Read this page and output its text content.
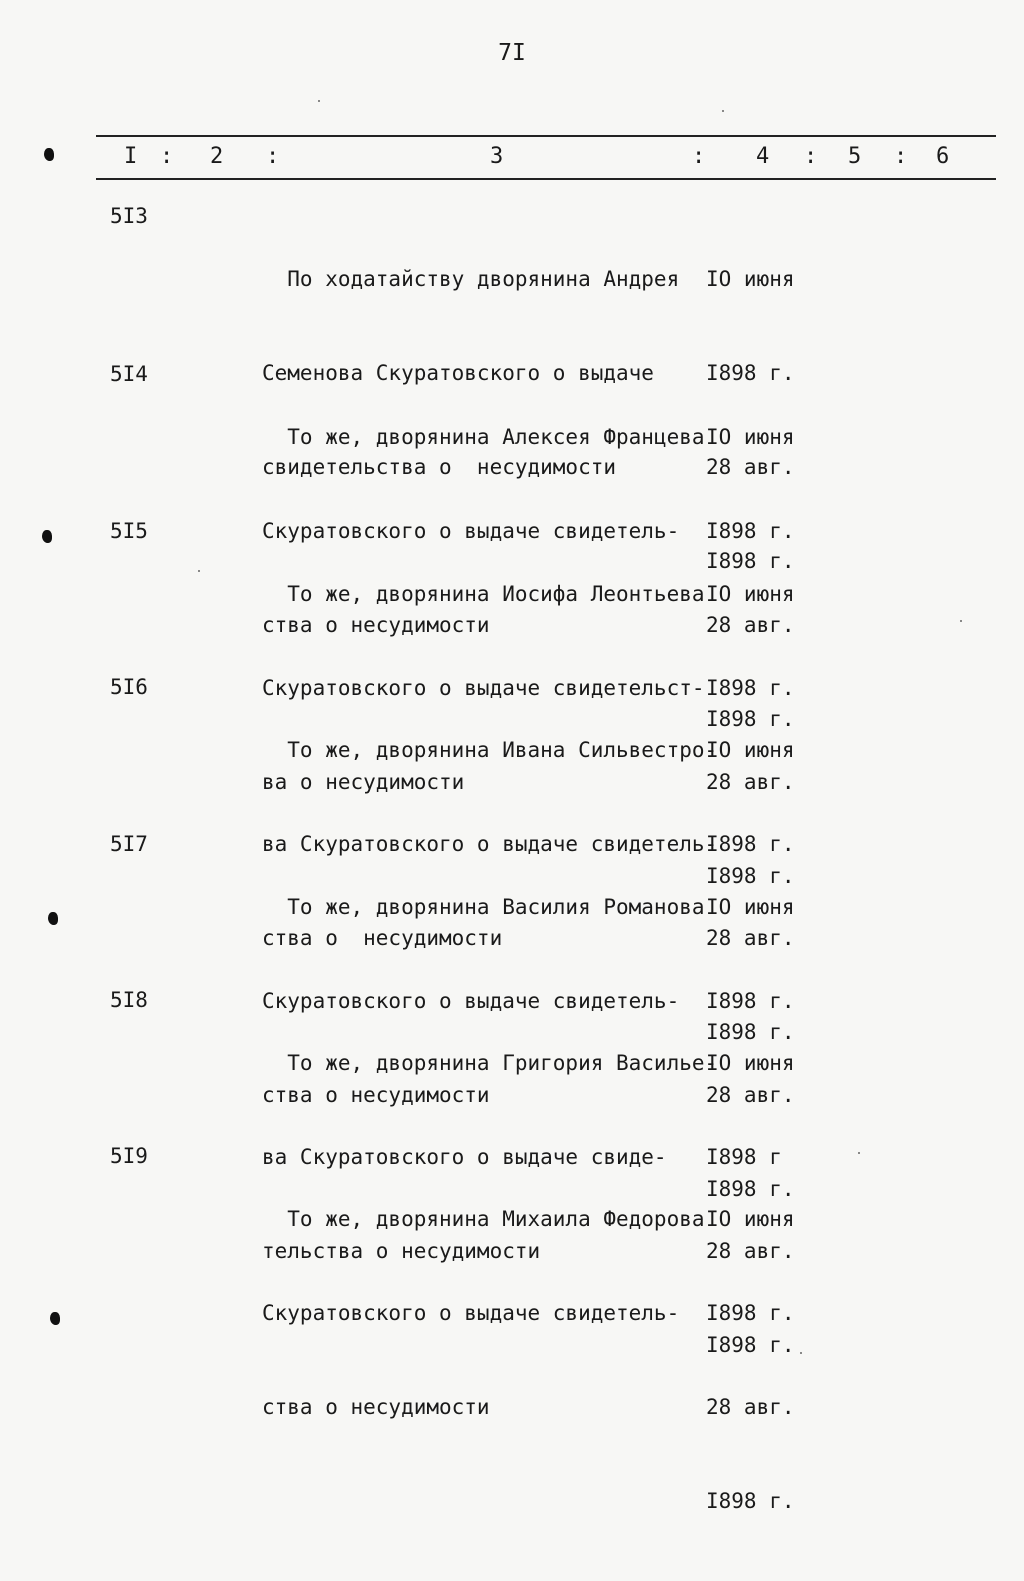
7I
I : 2 :	3	: 4 : 5 : 6
5I3

По ходатайству дворянина Андрея

Семенова Скуратовского о выдаче

свидетельства о  несудимости

IO июня

I898 г.

28 авг.

I898 г.

5I4

То же, дворянина Алексея Францева

Скуратовского о выдаче свидетель-

ства о несудимости

IO июня

I898 г.

28 авг.

I898 г.

5I5

То же, дворянина Иосифа Леонтьева

Скуратовского о выдаче свидетельст-

ва о несудимости

IO июня

I898 г.

28 авг.

I898 г.

5I6

То же, дворянина Ивана Сильвестро-

ва Скуратовского о выдаче свидетель-

ства о  несудимости

IO июня

I898 г.

28 авг.

I898 г.

5I7

То же, дворянина Василия Романова

Скуратовского о выдаче свидетель-

ства о несудимости

IO июня

I898 г.

28 авг.

I898 г.

5I8

То же, дворянина Григория Василье-

ва Скуратовского о выдаче свиде-

тельства о несудимости

IO июня

I898 г

28 авг.

I898 г.

5I9

То же, дворянина Михаила Федорова

Скуратовского о выдаче свидетель-

ства о несудимости

IO июня

I898 г.

28 авг.

I898 г.
